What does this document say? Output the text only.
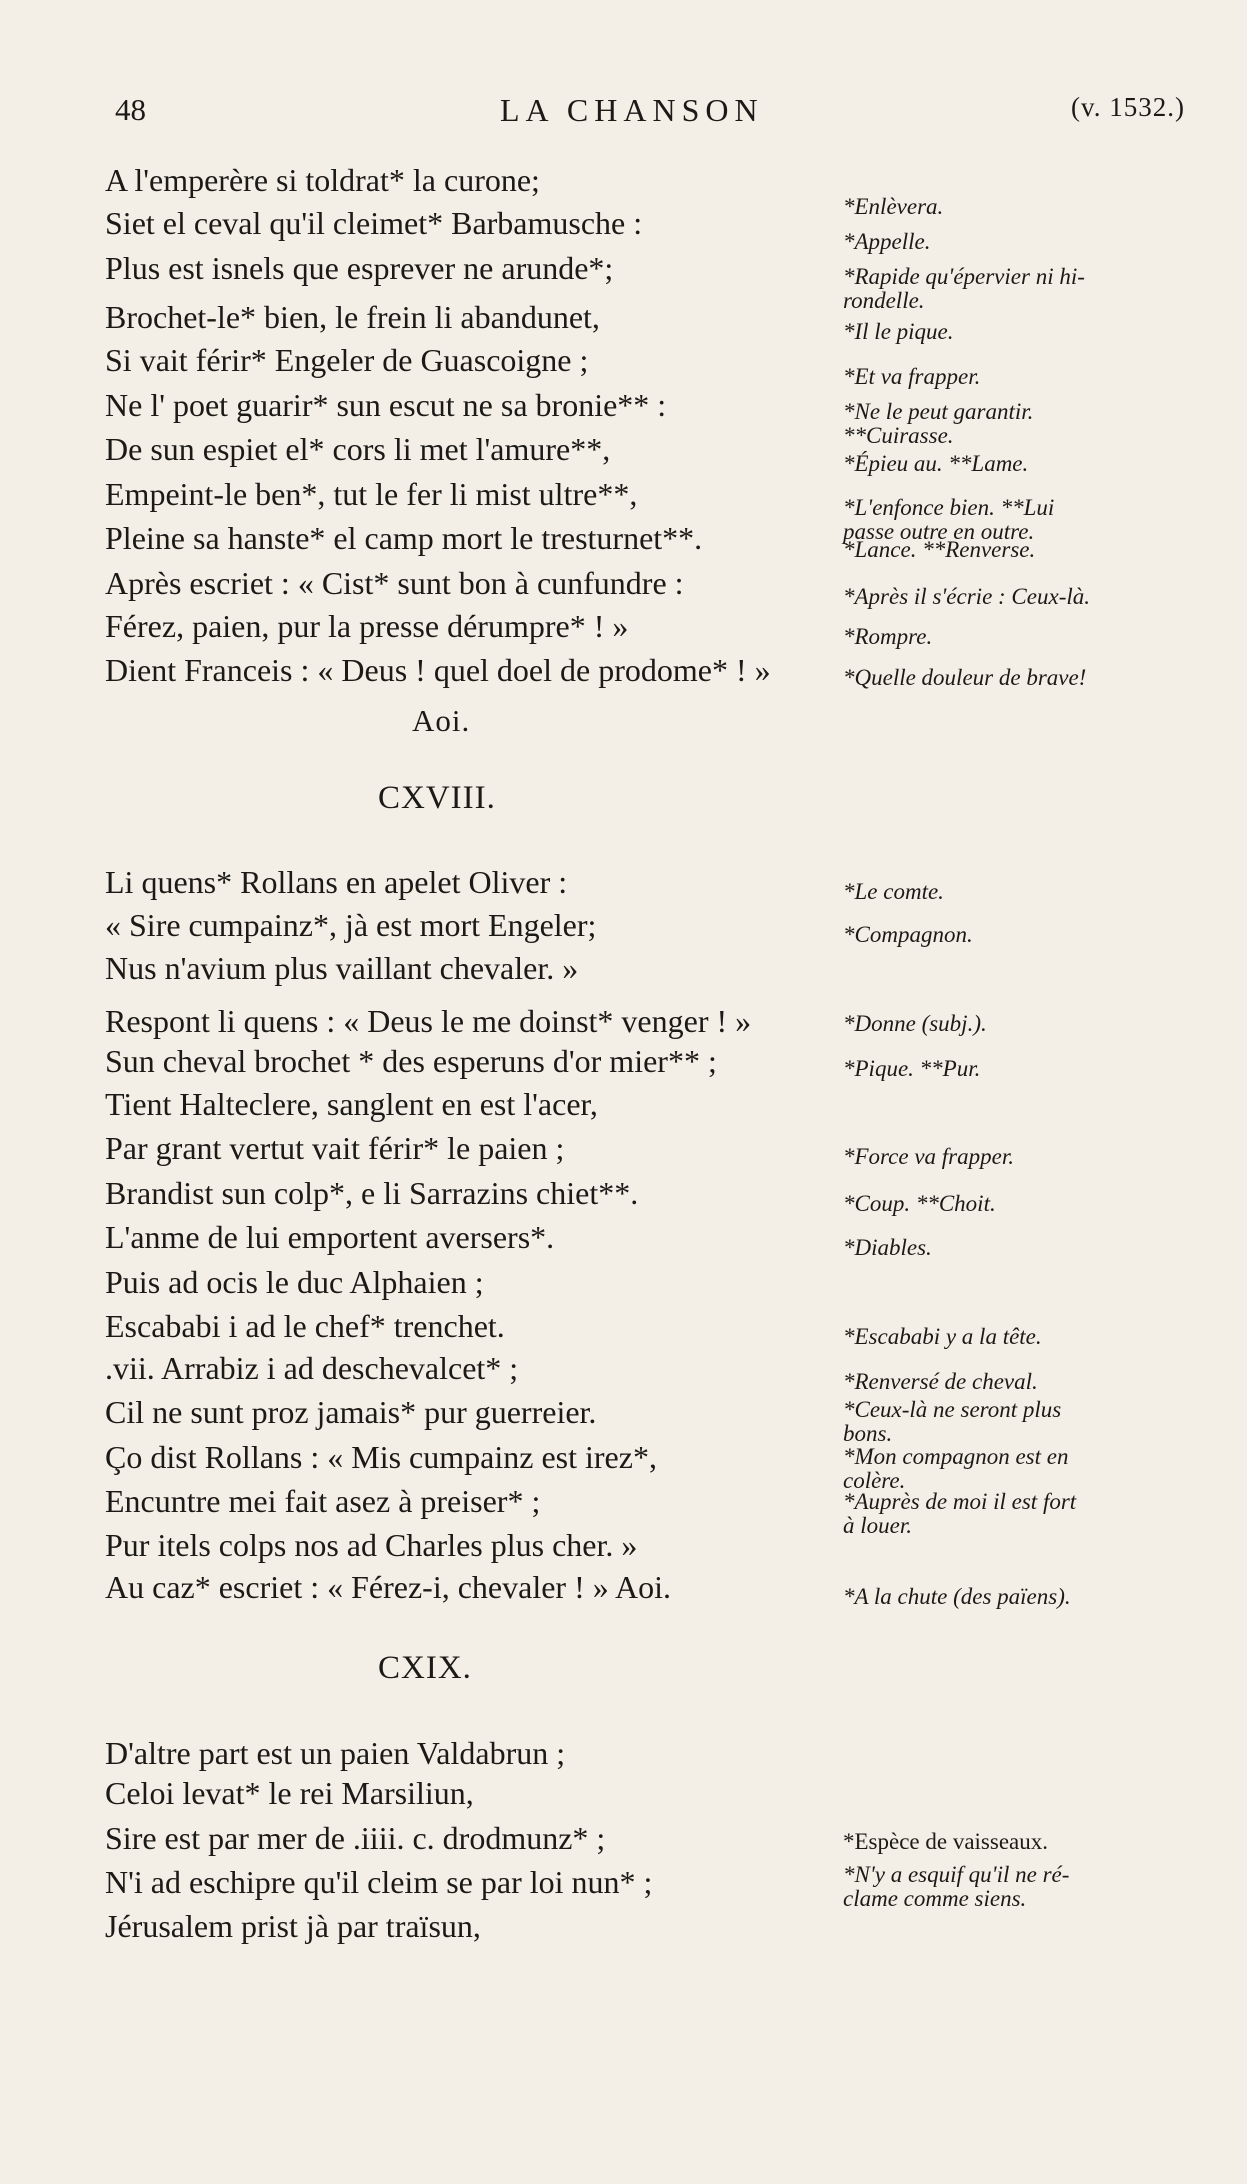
48	LA CHANSON	(v. 1532.)
A l'emperère si toldrat* la curone;
*Enlèvera.
Siet el ceval qu'il cleimet* Barbamusche :
*Appelle.
Plus est isnels que esprever ne arunde*;	*Rapide qu'épervier ni hi-
rondelle.
Brochet-le* bien, le frein li abandunet,	*Il le pique.
Si vait férir* Engeler de Guascoigne ;	*Et va frapper.
Ne l' poet guarir* sun escut ne sa bronie** :	*Ne le peut garantir.
**Cuirasse.
De sun espiet el* cors li met l'amure**,	*Épieu au. **Lame.
Empeint-le ben*, tut le fer li mist ultre**,	*L'enfonce bien. **Lui
passe outre en outre.
Pleine sa hanste* el camp mort le tresturnet**.	*Lance. **Renverse.
Après escriet : « Cist* sunt bon à cunfundre :	*Après il s'écrie : Ceux-là.
Férez, paien, pur la presse dérumpre* ! »	*Rompre.
Dient Franceis : « Deus ! quel doel de prodome* ! »	*Quelle douleur de brave!
CXVIII.
Li quens* Rollans en apelet Oliver :	*Le comte.
« Sire cumpainz*, jà est mort Engeler;	*Compagnon.
Nus n'avium plus vaillant chevaler. »
Respont li quens : « Deus le me doinst* venger ! »	*Donne (subj.).
Sun cheval brochet * des esperuns d'or mier** ;	*Pique. **Pur.
Tient Halteclere, sanglent en est l'acer,
Par grant vertut vait férir* le paien ;	*Force va frapper.
Brandist sun colp*, e li Sarrazins chiet**.	*Coup. **Choit.
L'anme de lui emportent aversers*.	*Diables.
Puis ad ocis le duc Alphaien ;
Escababi i ad le chef* trenchet.	*Escababi y a la tête.
.vii. Arrabiz i ad deschevalcet* ;	*Renversé de cheval.
Cil ne sunt proz jamais* pur guerreier.	*Ceux-là ne seront plus
bons.
Ço dist Rollans : « Mis cumpainz est irez*,	*Mon compagnon est en
colère.
Encuntre mei fait asez à preiser* ;	*Auprès de moi il est fort
à louer.
Pur itels colps nos ad Charles plus cher. »
Au caz* escriet : « Férez-i, chevaler ! » Aoi.	*A la chute (des païens).
CXIX.
D'altre part est un paien Valdabrun ;
Celoi levat* le rei Marsiliun,
Sire est par mer de .iiii. c. drodmunz* ;	*Espèce de vaisseaux.
N'i ad eschipre qu'il cleim se par loi nun* ;	*N'y a esquif qu'il ne ré-
clame comme siens.
Jérusalem prist jà par traïsun,
Aoi.
